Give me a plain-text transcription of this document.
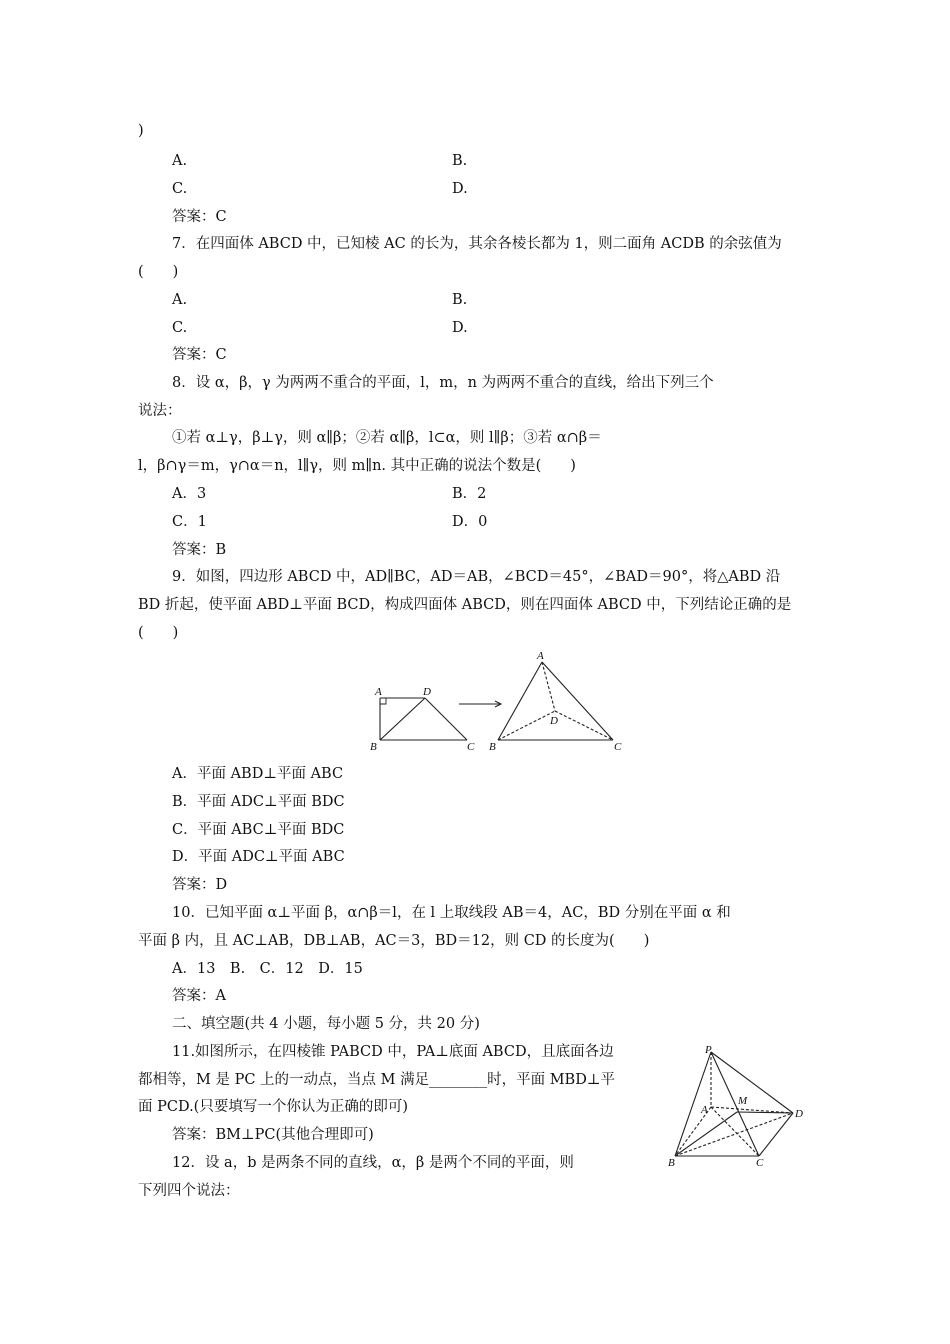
)
A.	B.
C.	D.
答案：C
7．在四面体 ABCD 中，已知棱 AC 的长为，其余各棱长都为 1，则二面角 ACDB 的余弦值为
(　　)
A.	B.
C.	D.
答案：C
8．设 α，β，γ 为两两不重合的平面，l，m，n 为两两不重合的直线，给出下列三个
说法：
①若 α⊥γ，β⊥γ，则 α∥β；②若 α∥β，l⊂α，则 l∥β；③若 α∩β＝
l，β∩γ＝m，γ∩α＝n，l∥γ，则 m∥n. 其中正确的说法个数是(　　)
A．3	B．2
C．1	D．0
答案：B
9．如图，四边形 ABCD 中，AD∥BC，AD＝AB，∠BCD＝45°，∠BAD＝90°，将△ABD 沿
BD 折起，使平面 ABD⊥平面 BCD，构成四面体 ABCD，则在四面体 ABCD 中，下列结论正确的是
(　　)
A	D
B	C
A
D
B	C
A．平面 ABD⊥平面 ABC
B．平面 ADC⊥平面 BDC
C．平面 ABC⊥平面 BDC
D．平面 ADC⊥平面 ABC
答案：D
10．已知平面 α⊥平面 β，α∩β＝l，在 l 上取线段 AB＝4，AC，BD 分别在平面 α 和
平面 β 内，且 AC⊥AB，DB⊥AB，AC＝3，BD＝12，则 CD 的长度为(　　)
A．13　B.　C．12　D．15
答案：A
二、填空题(共 4 小题，每小题 5 分，共 20 分)
11.如图所示，在四棱锥 PABCD 中，PA⊥底面 ABCD，且底面各边
都相等，M 是 PC 上的一动点，当点 M 满足________时，平面 MBD⊥平
面 PCD.(只要填写一个你认为正确的即可)
答案：BM⊥PC(其他合理即可)
P
A
M
D
B	C
12．设 a，b 是两条不同的直线，α，β 是两个不同的平面，则
下列四个说法：
